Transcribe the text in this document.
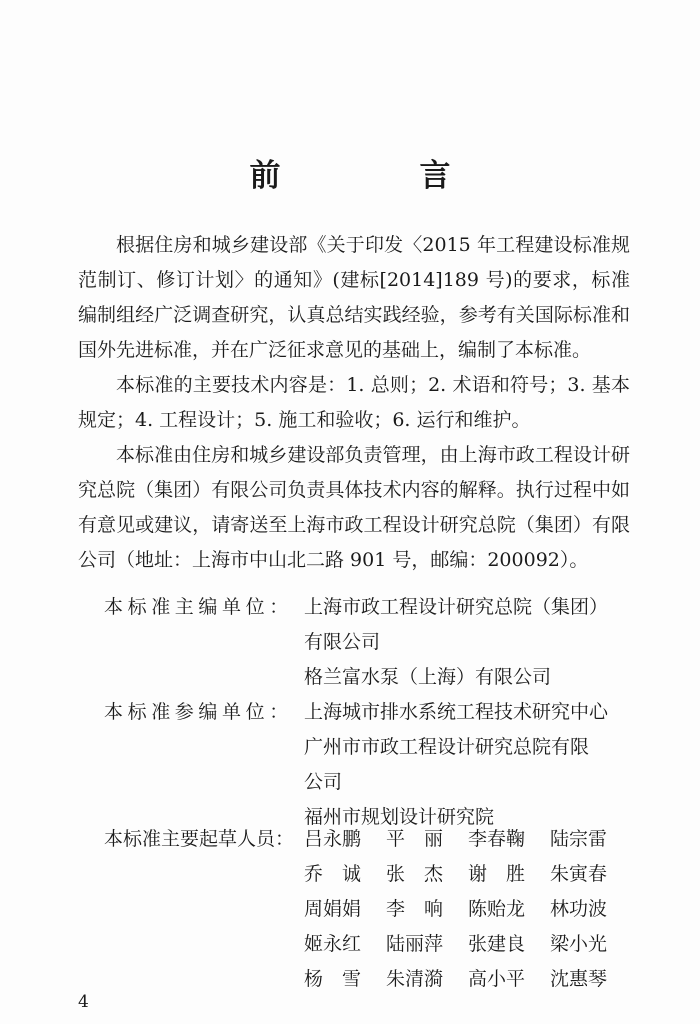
前　言

根据住房和城乡建设部《关于印发〈2015 年工程建设标准规范制订、修订计划〉的通知》(建标[2014]189 号)的要求，标准编制组经广泛调查研究，认真总结实践经验，参考有关国际标准和国外先进标准，并在广泛征求意见的基础上，编制了本标准。

本标准的主要技术内容是：1. 总则；2. 术语和符号；3. 基本规定；4. 工程设计；5. 施工和验收；6. 运行和维护。

本标准由住房和城乡建设部负责管理，由上海市政工程设计研究总院（集团）有限公司负责具体技术内容的解释。执行过程中如有意见或建议，请寄送至上海市政工程设计研究总院（集团）有限公司（地址：上海市中山北二路 901 号，邮编：200092）。

本标准主编单位： 上海市政工程设计研究总院（集团）
有限公司
格兰富水泵（上海）有限公司
本标准参编单位： 上海城市排水系统工程技术研究中心
广州市市政工程设计研究总院有限
公司
福州市规划设计研究院
本标准主要起草人员： 吕永鹏	平　丽	李春鞠	陆宗雷
乔　诚	张　杰	谢　胜	朱寅春
周娟娟	李　响	陈贻龙	林功波
姬永红	陆丽萍	张建良	梁小光
杨　雪	朱清漪	高小平	沈惠琴
4
